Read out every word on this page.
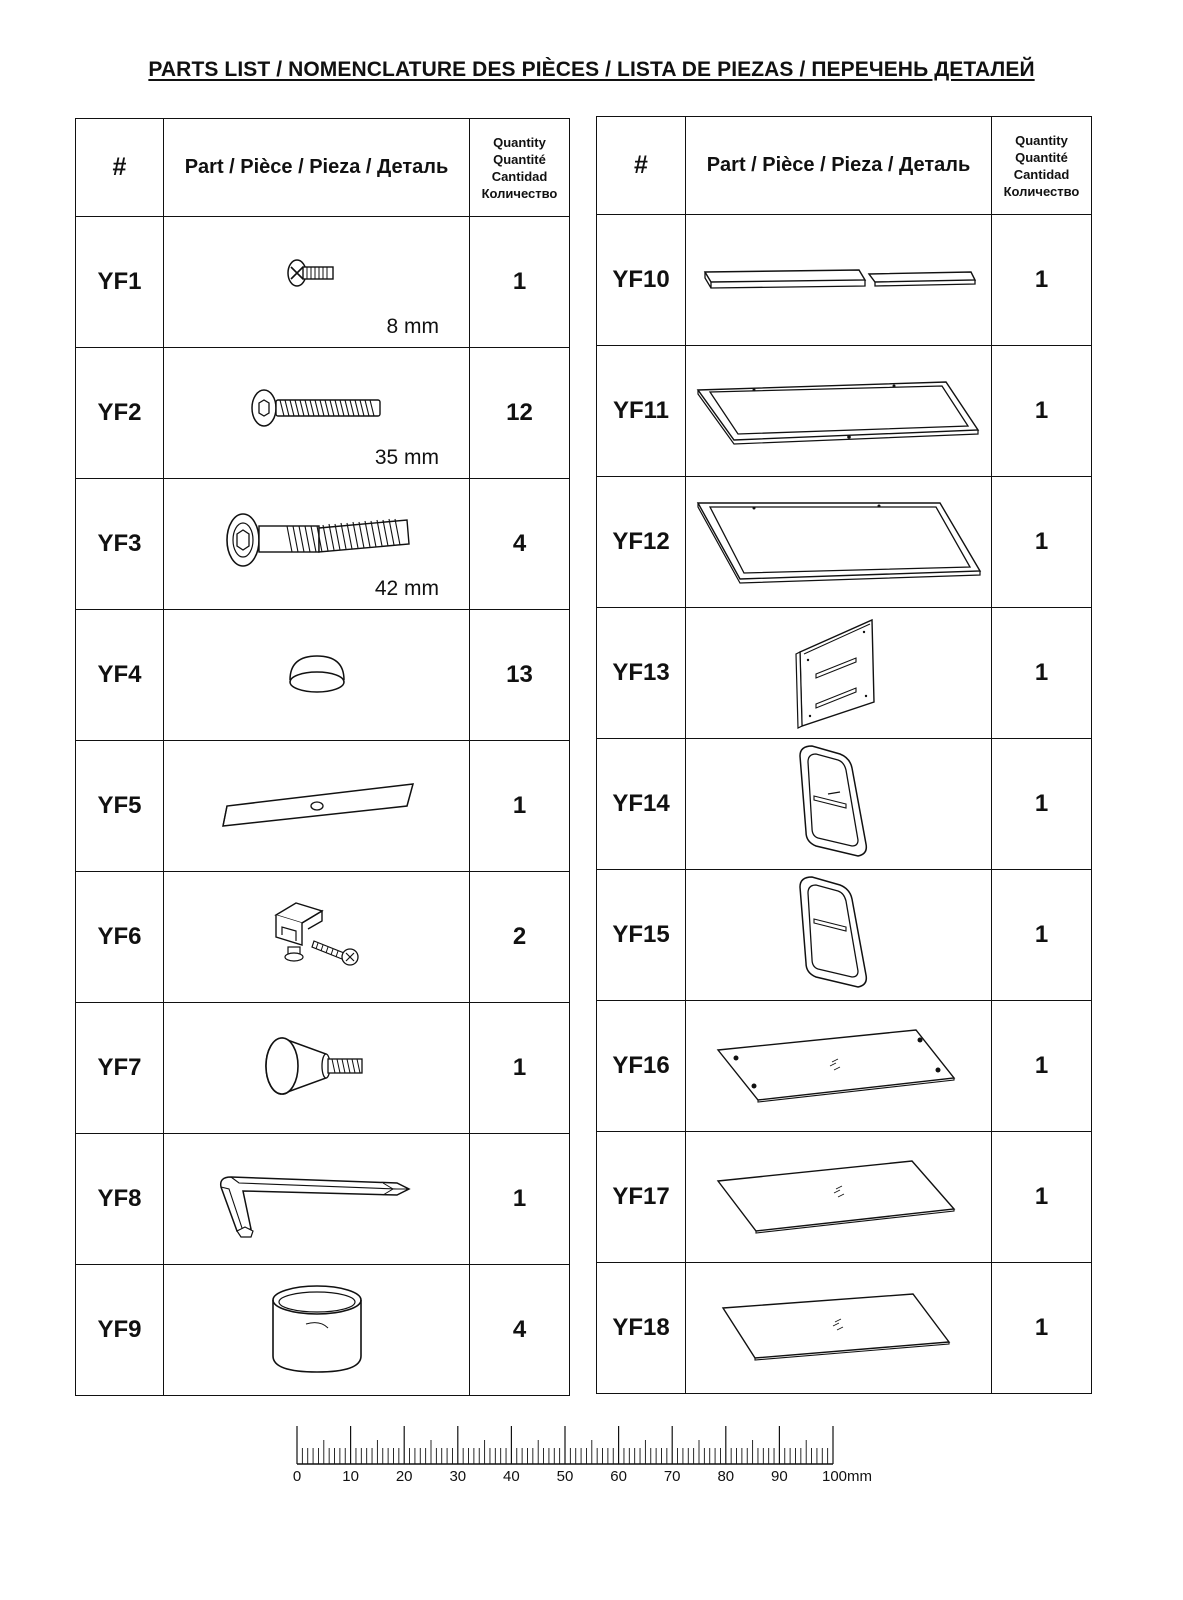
PARTS LIST / NOMENCLATURE DES PIÈCES / LISTA DE PIEZAS / ПЕРЕЧЕНЬ ДЕТАЛЕЙ
#	Part / Pièce / Pieza / Деталь	Quantity
Quantité
Cantidad
Количество

YF1	8 mm	1
YF2	35 mm	12
YF3	42 mm	4
YF4		13
YF5		1
YF6		2
YF7		1
YF8		1
YF9		4
#	Part / Pièce / Pieza / Деталь	Quantity
Quantité
Cantidad
Количество

YF10		1
YF11		1
YF12		1
YF13		1
YF14		1
YF15		1
YF16		1
YF17		1
YF18		1
0	10 20 30 40 50 60 70 80 90 100mm
